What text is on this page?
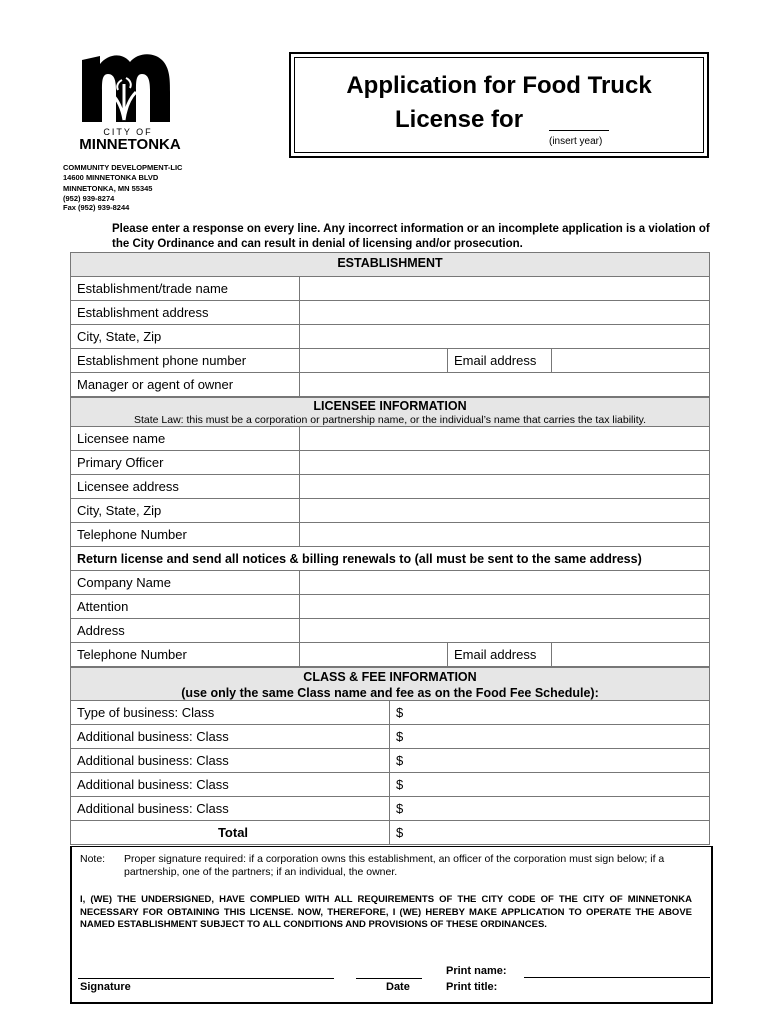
CITY OF
MINNETONKA
Application for Food Truck
License for
(insert year)
COMMUNITY DEVELOPMENT-LIC
14600 MINNETONKA BLVD
MINNETONKA, MN 55345
(952) 939-8274
Fax (952) 939-8244
Please enter a response on every line. Any incorrect information or an incomplete application is a violation of the City Ordinance and can result in denial of licensing and/or prosecution.
ESTABLISHMENT
Establishment/trade name
Establishment address
City, State, Zip
Establishment phone number	Email address
Manager or agent of owner
LICENSEE INFORMATION
State Law: this must be a corporation or partnership name, or the individual’s name that carries the tax liability.
Licensee name
Primary Officer
Licensee address
City, State, Zip
Telephone Number
Return license and send all notices & billing renewals to (all must be sent to the same address)
Company Name
Attention
Address
Telephone Number	Email address
CLASS & FEE INFORMATION
(use only the same Class name and fee as on the Food Fee Schedule):
Type of business: Class	$
Additional business: Class	$
Additional business: Class	$
Additional business: Class	$
Additional business: Class	$
Total	$
Note: Proper signature required: if a corporation owns this establishment, an officer of the corporation must sign below; if a partnership, one of the partners; if an individual, the owner.
I, (WE) THE UNDERSIGNED, HAVE COMPLIED WITH ALL REQUIREMENTS OF THE CITY CODE OF THE CITY OF MINNETONKA NECESSARY FOR OBTAINING THIS LICENSE. NOW, THEREFORE, I (WE) HEREBY MAKE APPLICATION TO OPERATE THE ABOVE NAMED ESTABLISHMENT SUBJECT TO ALL CONDITIONS AND PROVISIONS OF THESE ORDINANCES.
Signature	Date
Print name:
Print title:
